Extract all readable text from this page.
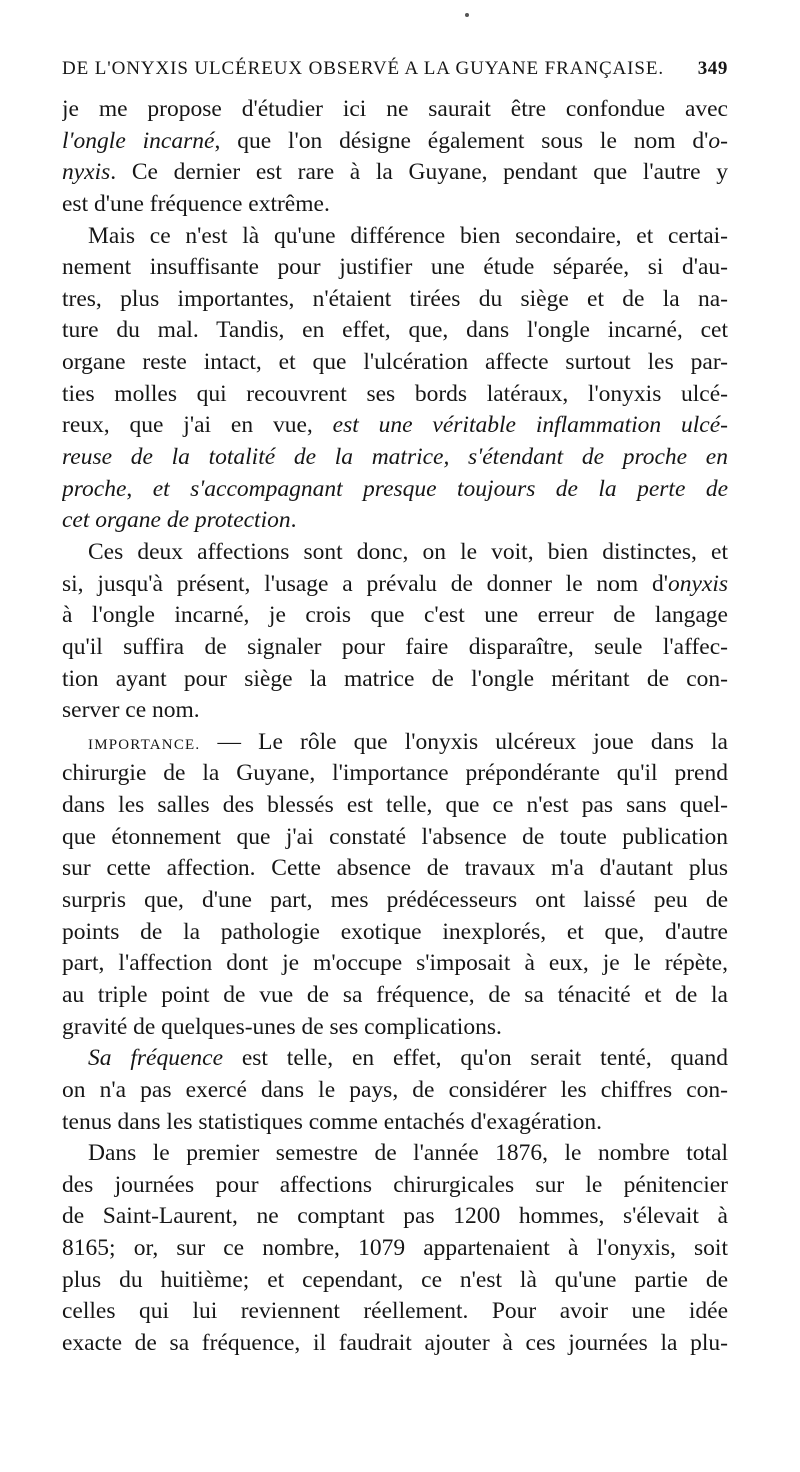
DE L'ONYXIS ULCÉREUX OBSERVÉ A LA GUYANE FRANÇAISE. 349
je me propose d'étudier ici ne saurait être confondue avec
l'ongle incarné, que l'on désigne également sous le nom d'o-
nyxis. Ce dernier est rare à la Guyane, pendant que l'autre y
est d'une fréquence extrême.
Mais ce n'est là qu'une différence bien secondaire, et certai-
nement insuffisante pour justifier une étude séparée, si d'au-
tres, plus importantes, n'étaient tirées du siège et de la na-
ture du mal. Tandis, en effet, que, dans l'ongle incarné, cet
organe reste intact, et que l'ulcération affecte surtout les par-
ties molles qui recouvrent ses bords latéraux, l'onyxis ulcé-
reux, que j'ai en vue, est une véritable inflammation ulcé-
reuse de la totalité de la matrice, s'étendant de proche en
proche, et s'accompagnant presque toujours de la perte de
cet organe de protection.
Ces deux affections sont donc, on le voit, bien distinctes, et
si, jusqu'à présent, l'usage a prévalu de donner le nom d'onyxis
à l'ongle incarné, je crois que c'est une erreur de langage
qu'il suffira de signaler pour faire disparaître, seule l'affec-
tion ayant pour siège la matrice de l'ongle méritant de con-
server ce nom.
IMPORTANCE. — Le rôle que l'onyxis ulcéreux joue dans la
chirurgie de la Guyane, l'importance prépondérante qu'il prend
dans les salles des blessés est telle, que ce n'est pas sans quel-
que étonnement que j'ai constaté l'absence de toute publication
sur cette affection. Cette absence de travaux m'a d'autant plus
surpris que, d'une part, mes prédécesseurs ont laissé peu de
points de la pathologie exotique inexplorés, et que, d'autre
part, l'affection dont je m'occupe s'imposait à eux, je le répète,
au triple point de vue de sa fréquence, de sa ténacité et de la
gravité de quelques-unes de ses complications.
Sa fréquence est telle, en effet, qu'on serait tenté, quand
on n'a pas exercé dans le pays, de considérer les chiffres con-
tenus dans les statistiques comme entachés d'exagération.
Dans le premier semestre de l'année 1876, le nombre total
des journées pour affections chirurgicales sur le pénitencier
de Saint-Laurent, ne comptant pas 1200 hommes, s'élevait à
8165; or, sur ce nombre, 1079 appartenaient à l'onyxis, soit
plus du huitième; et cependant, ce n'est là qu'une partie de
celles qui lui reviennent réellement. Pour avoir une idée
exacte de sa fréquence, il faudrait ajouter à ces journées la plu-
